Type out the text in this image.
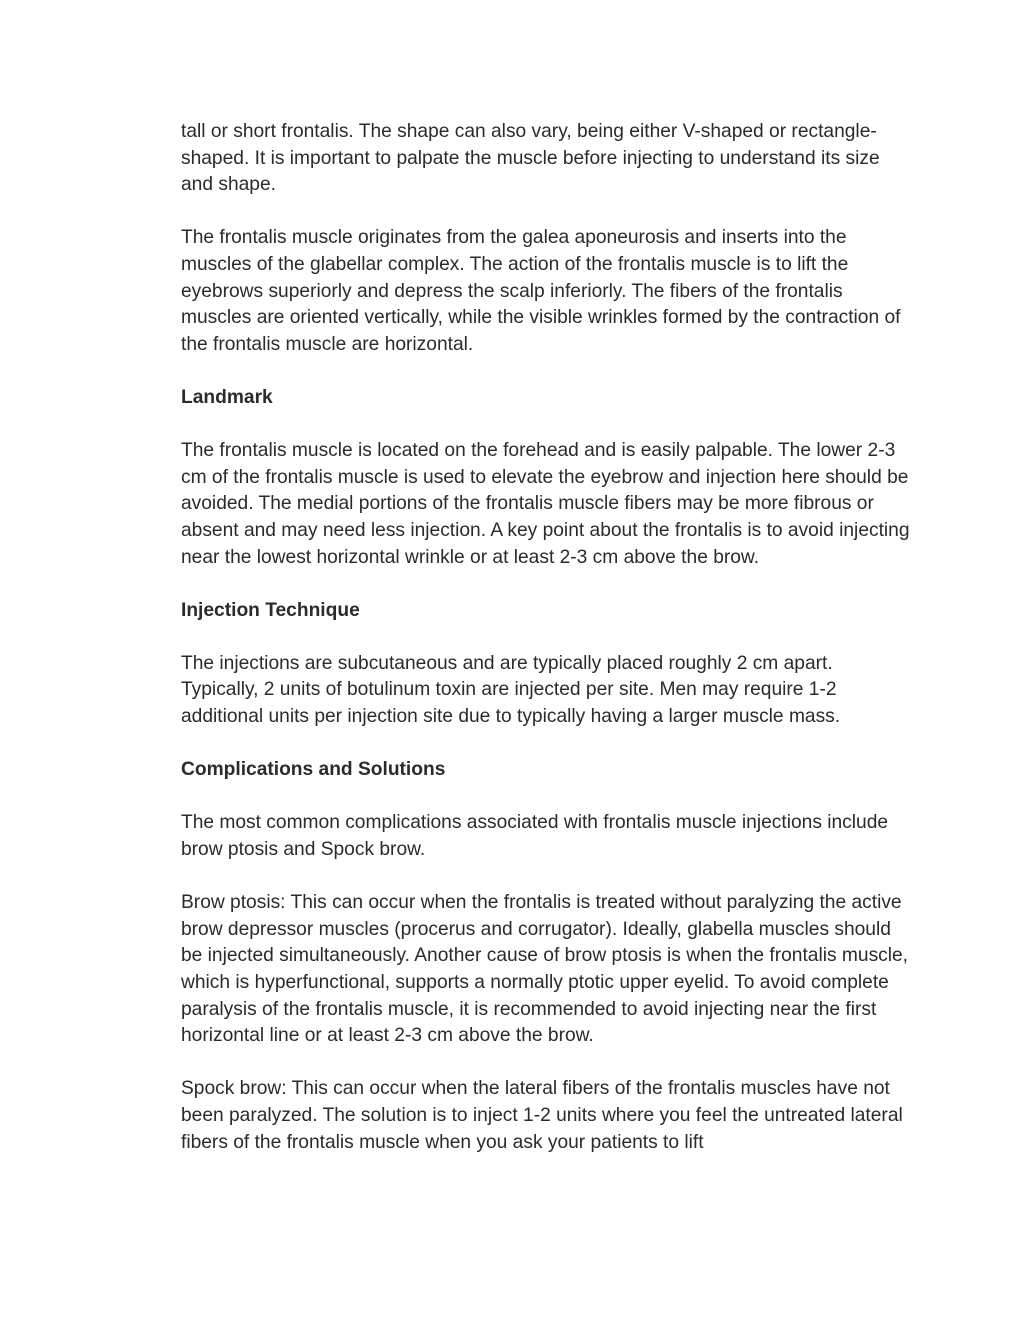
tall or short frontalis. The shape can also vary, being either V-shaped or rectangle-shaped. It is important to palpate the muscle before injecting to understand its size and shape.

The frontalis muscle originates from the galea aponeurosis and inserts into the muscles of the glabellar complex. The action of the frontalis muscle is to lift the eyebrows superiorly and depress the scalp inferiorly. The fibers of the frontalis muscles are oriented vertically, while the visible wrinkles formed by the contraction of the frontalis muscle are horizontal.

Landmark

The frontalis muscle is located on the forehead and is easily palpable. The lower 2-3 cm of the frontalis muscle is used to elevate the eyebrow and injection here should be avoided. The medial portions of the frontalis muscle fibers may be more fibrous or absent and may need less injection. A key point about the frontalis is to avoid injecting near the lowest horizontal wrinkle or at least 2-3 cm above the brow.

Injection Technique

The injections are subcutaneous and are typically placed roughly 2 cm apart. Typically, 2 units of botulinum toxin are injected per site. Men may require 1-2 additional units per injection site due to typically having a larger muscle mass.

Complications and Solutions

The most common complications associated with frontalis muscle injections include brow ptosis and Spock brow.

Brow ptosis: This can occur when the frontalis is treated without paralyzing the active brow depressor muscles (procerus and corrugator). Ideally, glabella muscles should be injected simultaneously. Another cause of brow ptosis is when the frontalis muscle, which is hyperfunctional, supports a normally ptotic upper eyelid. To avoid complete paralysis of the frontalis muscle, it is recommended to avoid injecting near the first horizontal line or at least 2-3 cm above the brow.

Spock brow: This can occur when the lateral fibers of the frontalis muscles have not been paralyzed. The solution is to inject 1-2 units where you feel the untreated lateral fibers of the frontalis muscle when you ask your patients to lift
